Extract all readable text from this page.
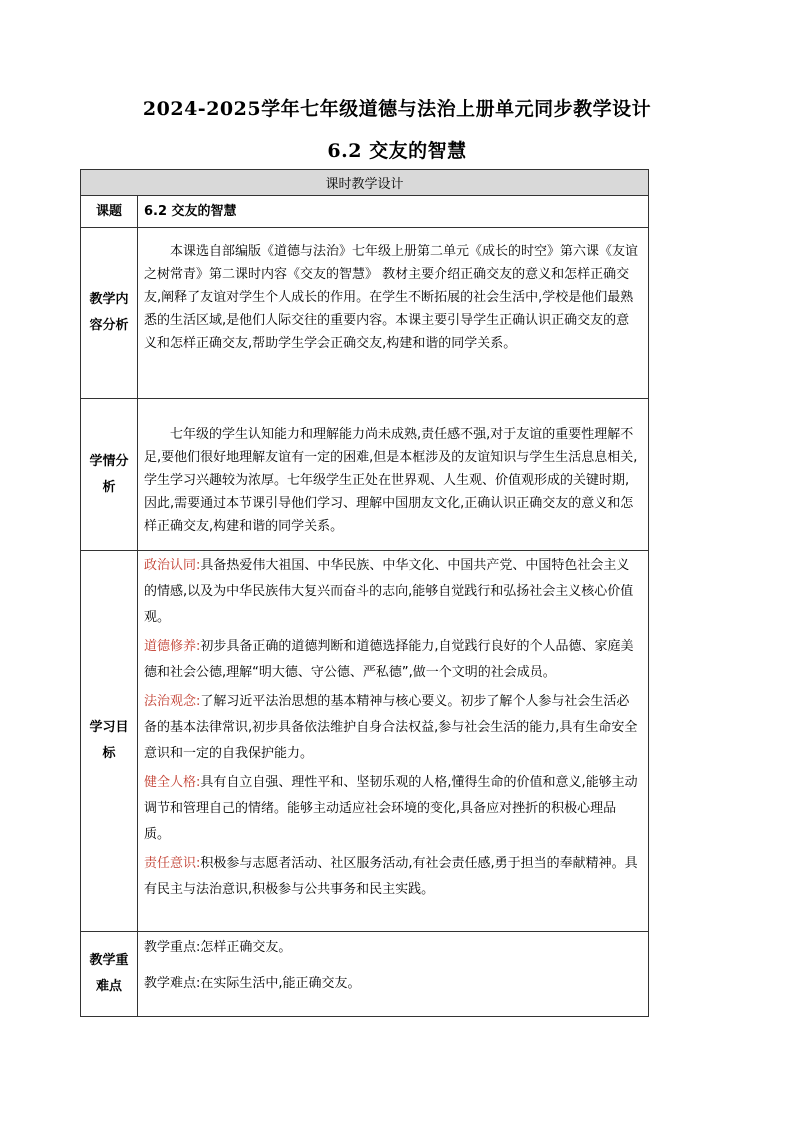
2024-2025学年七年级道德与法治上册单元同步教学设计
6.2 交友的智慧
课时教学设计	
课题	6.2 交友的智慧
教学内容分析	本课选自部编版《道德与法治》七年级上册第二单元《成长的时空》第六课《友谊之树常青》第二课时内容《交友的智慧》 教材主要介绍正确交友的意义和怎样正确交友,阐释了友谊对学生个人成长的作用。在学生不断拓展的社会生活中,学校是他们最熟悉的生活区域,是他们人际交往的重要内容。本课主要引导学生正确认识正确交友的意义和怎样正确交友,帮助学生学会正确交友,构建和谐的同学关系。

学情分析	七年级的学生认知能力和理解能力尚未成熟,责任感不强,对于友谊的重要性理解不足,要他们很好地理解友谊有一定的困难,但是本框涉及的友谊知识与学生生活息息相关,学生学习兴趣较为浓厚。七年级学生正处在世界观、人生观、价值观形成的关键时期,因此,需要通过本节课引导他们学习、理解中国朋友文化,正确认识正确交友的意义和怎样正确交友,构建和谐的同学关系。

学习目标	政治认同:具备热爱伟大祖国、中华民族、中华文化、中国共产党、中国特色社会主义的情感,以及为中华民族伟大复兴而奋斗的志向,能够自觉践行和弘扬社会主义核心价值观。

道德修养:初步具备正确的道德判断和道德选择能力,自觉践行良好的个人品德、家庭美德和社会公德,理解“明大德、守公德、严私德”,做一个文明的社会成员。

法治观念:了解习近平法治思想的基本精神与核心要义。初步了解个人参与社会生活必备的基本法律常识,初步具备依法维护自身合法权益,参与社会生活的能力,具有生命安全意识和一定的自我保护能力。

健全人格:具有自立自强、理性平和、坚韧乐观的人格,懂得生命的价值和意义,能够主动调节和管理自己的情绪。能够主动适应社会环境的变化,具备应对挫折的积极心理品质。

责任意识:积极参与志愿者活动、社区服务活动,有社会责任感,勇于担当的奉献精神。具有民主与法治意识,积极参与公共事务和民主实践。

教学重难点	教学重点:怎样正确交友。

教学难点:在实际生活中,能正确交友。
